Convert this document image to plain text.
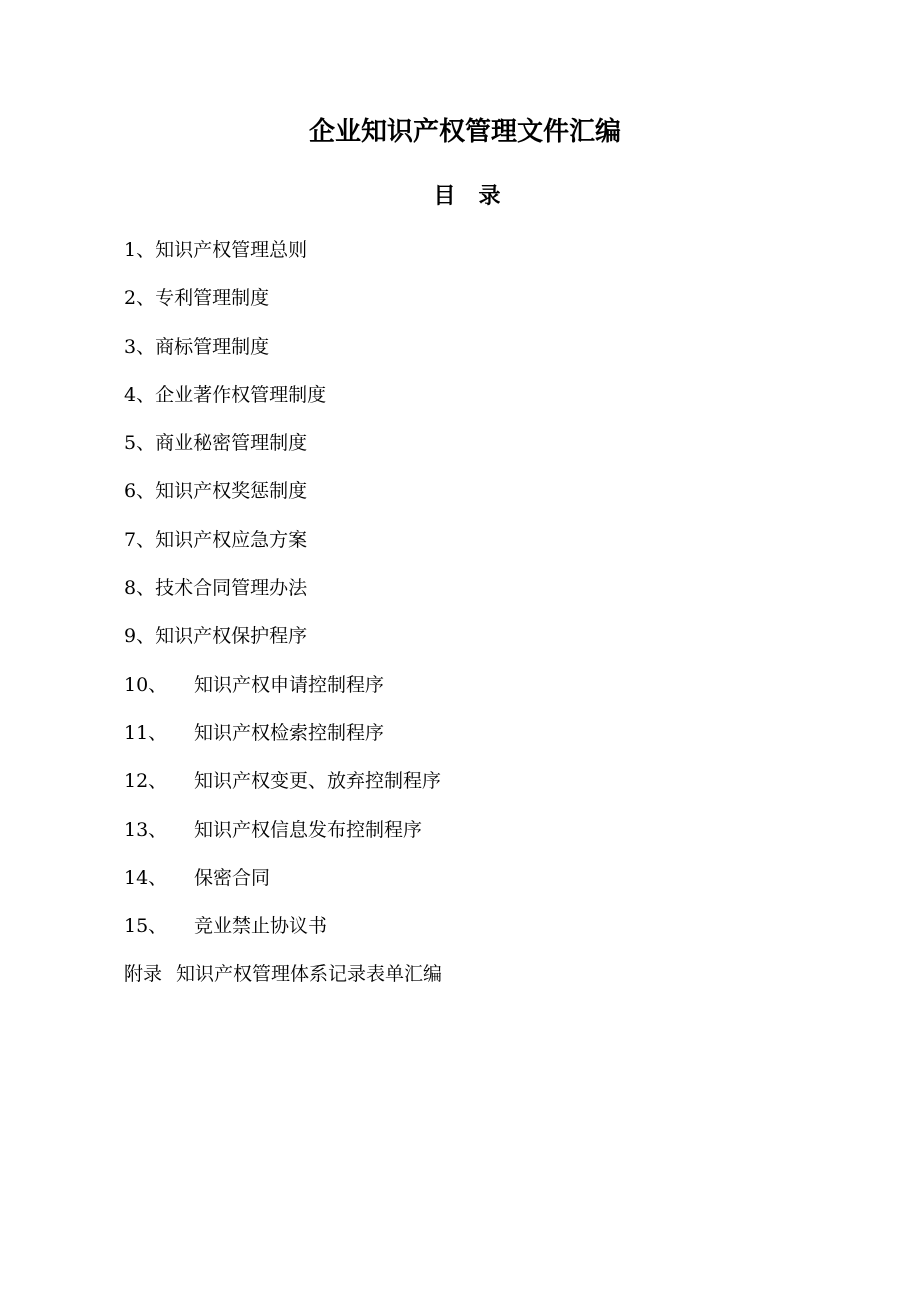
企业知识产权管理文件汇编
目   录
1、 知识产权管理总则
2、 专利管理制度
3、 商标管理制度
4、 企业著作权管理制度
5、 商业秘密管理制度
6、 知识产权奖惩制度
7、 知识产权应急方案
8、 技术合同管理办法
9、 知识产权保护程序
10、	知识产权申请控制程序
11、	知识产权检索控制程序
12、	知识产权变更、放弃控制程序
13、	知识产权信息发布控制程序
14、	保密合同
15、	竞业禁止协议书
附录 知识产权管理体系记录表单汇编
